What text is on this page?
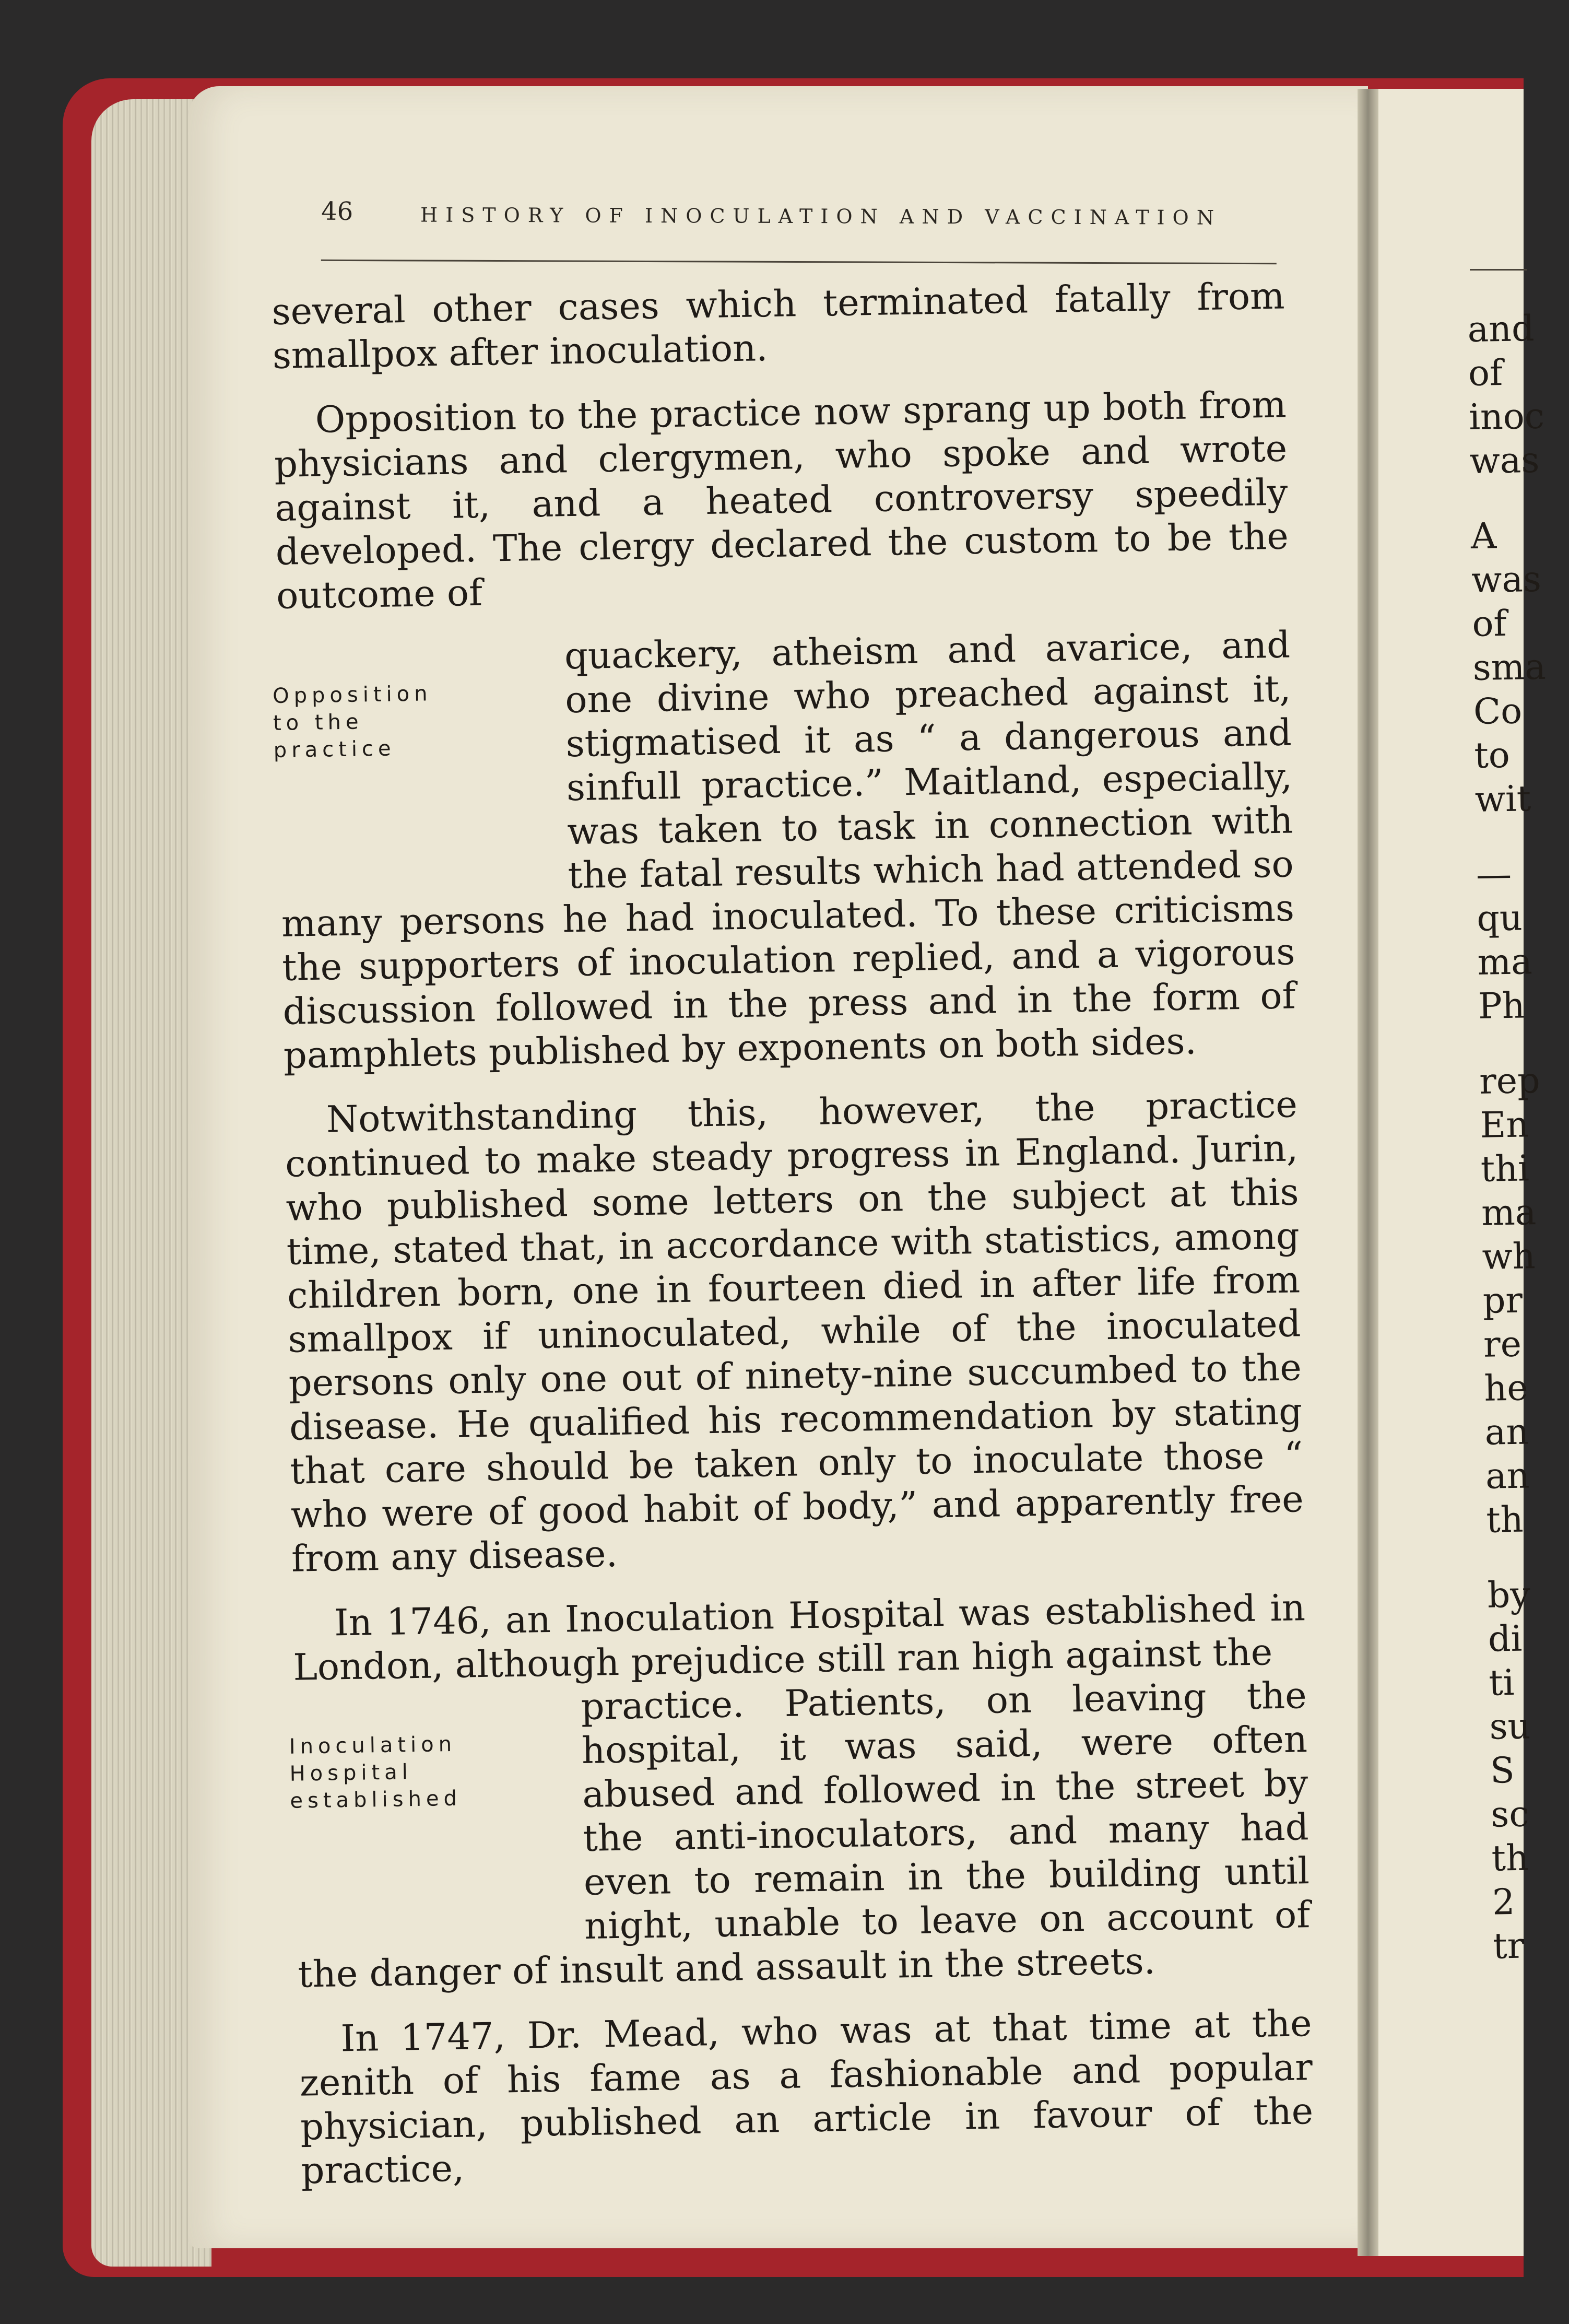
46	HISTORY OF INOCULATION AND VACCINATION

several other cases which terminated fatally from smallpox after inoculation.

Opposition to the practice now sprang up both from physicians and clergymen, who spoke and wrote against it, and a heated controversy speedily developed. The clergy declared the custom to be the outcome of

Opposition
to the
practice

quackery, atheism and avarice, and one divine who preached against it, stigmatised it as “ a dangerous and sinfull practice.” Maitland, especially, was taken to task in connection with the fatal results which had attended so many persons he had inoculated. To these criticisms the supporters of inoculation replied, and a vigorous discussion followed in the press and in the form of pamphlets published by exponents on both sides.

Notwithstanding this, however, the practice continued to make steady progress in England. Jurin, who published some letters on the subject at this time, stated that, in accordance with statistics, among children born, one in fourteen died in after life from smallpox if uninoculated, while of the inoculated persons only one out of ninety-nine succumbed to the disease. He qualified his recommendation by stating that care should be taken only to inoculate those “ who were of good habit of body,” and apparently free from any disease.

In 1746, an Inoculation Hospital was established in London, although prejudice still ran high against the

Inoculation
Hospital
established

practice. Patients, on leaving the hospital, it was said, were often abused and followed in the street by the anti-inoculators, and many had even to remain in the building until night, unable to leave on account of the danger of insult and assault in the streets.

In 1747, Dr. Mead, who was at that time at the zenith of his fame as a fashionable and popular physician, published an article in favour of the practice,

and
of
inoc
was
A
was
of
sma
Co
to
wit
—
qu
ma
Ph
rep
En
thi
ma
wh
pr
re
he
an
an
th
by
di
ti
su
S
sc
th
2
tr
